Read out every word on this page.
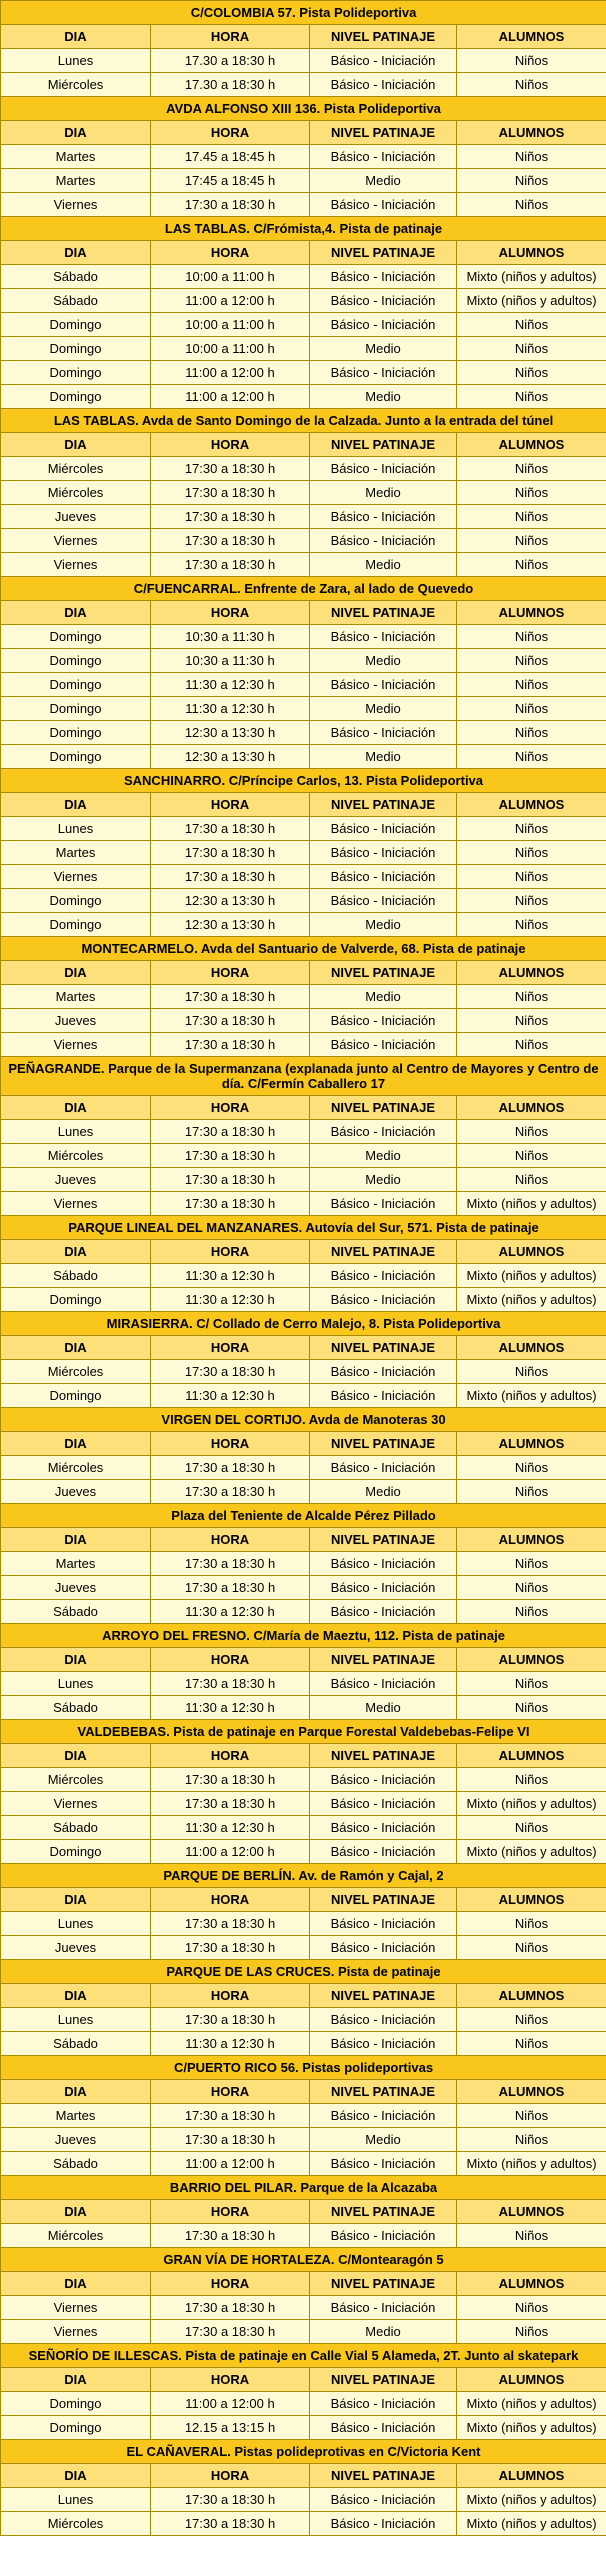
C/COLOMBIA 57. Pista Polideportiva			
DIA	HORA	NIVEL PATINAJE	ALUMNOS
Lunes	17.30 a 18:30 h	Básico - Iniciación	Niños
Miércoles	17.30 a 18:30 h	Básico - Iniciación	Niños
AVDA ALFONSO XIII 136. Pista Polideportiva			
DIA	HORA	NIVEL PATINAJE	ALUMNOS
Martes	17.45 a 18:45 h	Básico - Iniciación	Niños
Martes	17:45 a 18:45 h	Medio	Niños
Viernes	17:30 a 18:30 h	Básico - Iniciación	Niños
LAS TABLAS. C/Frómista,4. Pista de patinaje			
DIA	HORA	NIVEL PATINAJE	ALUMNOS
Sábado	10:00 a 11:00 h	Básico - Iniciación	Mixto (niños y adultos)
Sábado	11:00 a 12:00 h	Básico - Iniciación	Mixto (niños y adultos)
Domingo	10:00 a 11:00 h	Básico - Iniciación	Niños
Domingo	10:00 a 11:00 h	Medio	Niños
Domingo	11:00 a 12:00 h	Básico - Iniciación	Niños
Domingo	11:00 a 12:00 h	Medio	Niños
LAS TABLAS. Avda de Santo Domingo de la Calzada. Junto a la entrada del túnel			
DIA	HORA	NIVEL PATINAJE	ALUMNOS
Miércoles	17:30 a 18:30 h	Básico - Iniciación	Niños
Miércoles	17:30 a 18:30 h	Medio	Niños
Jueves	17:30 a 18:30 h	Básico - Iniciación	Niños
Viernes	17:30 a 18:30 h	Básico - Iniciación	Niños
Viernes	17:30 a 18:30 h	Medio	Niños
C/FUENCARRAL. Enfrente de Zara, al lado de Quevedo			
DIA	HORA	NIVEL PATINAJE	ALUMNOS
Domingo	10:30 a 11:30 h	Básico - Iniciación	Niños
Domingo	10:30 a 11:30 h	Medio	Niños
Domingo	11:30 a 12:30 h	Básico - Iniciación	Niños
Domingo	11:30 a 12:30 h	Medio	Niños
Domingo	12:30 a 13:30 h	Básico - Iniciación	Niños
Domingo	12:30 a 13:30 h	Medio	Niños
SANCHINARRO. C/Príncipe Carlos, 13. Pista Polideportiva			
DIA	HORA	NIVEL PATINAJE	ALUMNOS
Lunes	17:30 a 18:30 h	Básico - Iniciación	Niños
Martes	17:30 a 18:30 h	Básico - Iniciación	Niños
Viernes	17:30 a 18:30 h	Básico - Iniciación	Niños
Domingo	12:30 a 13:30 h	Básico - Iniciación	Niños
Domingo	12:30 a 13:30 h	Medio	Niños
MONTECARMELO. Avda del Santuario de Valverde, 68. Pista de patinaje			
DIA	HORA	NIVEL PATINAJE	ALUMNOS
Martes	17:30 a 18:30 h	Medio	Niños
Jueves	17:30 a 18:30 h	Básico - Iniciación	Niños
Viernes	17:30 a 18:30 h	Básico - Iniciación	Niños
PEÑAGRANDE. Parque de la Supermanzana (explanada junto al Centro de Mayores y Centro de día. C/Fermín Caballero 17			
DIA	HORA	NIVEL PATINAJE	ALUMNOS
Lunes	17:30 a 18:30 h	Básico - Iniciación	Niños
Miércoles	17:30 a 18:30 h	Medio	Niños
Jueves	17:30 a 18:30 h	Medio	Niños
Viernes	17:30 a 18:30 h	Básico - Iniciación	Mixto (niños y adultos)
PARQUE LINEAL DEL MANZANARES. Autovía del Sur, 571. Pista de patinaje			
DIA	HORA	NIVEL PATINAJE	ALUMNOS
Sábado	11:30 a 12:30 h	Básico - Iniciación	Mixto (niños y adultos)
Domingo	11:30 a 12:30 h	Básico - Iniciación	Mixto (niños y adultos)
MIRASIERRA. C/ Collado de Cerro Malejo, 8. Pista Polideportiva			
DIA	HORA	NIVEL PATINAJE	ALUMNOS
Miércoles	17:30 a 18:30 h	Básico - Iniciación	Niños
Domingo	11:30 a 12:30 h	Básico - Iniciación	Mixto (niños y adultos)
VIRGEN DEL CORTIJO. Avda de Manoteras 30			
DIA	HORA	NIVEL PATINAJE	ALUMNOS
Miércoles	17:30 a 18:30 h	Básico - Iniciación	Niños
Jueves	17:30 a 18:30 h	Medio	Niños
Plaza del Teniente de Alcalde Pérez Pillado			
DIA	HORA	NIVEL PATINAJE	ALUMNOS
Martes	17:30 a 18:30 h	Básico - Iniciación	Niños
Jueves	17:30 a 18:30 h	Básico - Iniciación	Niños
Sábado	11:30 a 12:30 h	Básico - Iniciación	Niños
ARROYO DEL FRESNO. C/María de Maeztu, 112. Pista de patinaje			
DIA	HORA	NIVEL PATINAJE	ALUMNOS
Lunes	17:30 a 18:30 h	Básico - Iniciación	Niños
Sábado	11:30 a 12:30 h	Medio	Niños
VALDEBEBAS. Pista de patinaje en Parque Forestal Valdebebas-Felipe VI			
DIA	HORA	NIVEL PATINAJE	ALUMNOS
Miércoles	17:30 a 18:30 h	Básico - Iniciación	Niños
Viernes	17:30 a 18:30 h	Básico - Iniciación	Mixto (niños y adultos)
Sábado	11:30 a 12:30 h	Básico - Iniciación	Niños
Domingo	11:00 a 12:00 h	Básico - Iniciación	Mixto (niños y adultos)
PARQUE DE BERLÍN. Av. de Ramón y Cajal, 2			
DIA	HORA	NIVEL PATINAJE	ALUMNOS
Lunes	17:30 a 18:30 h	Básico - Iniciación	Niños
Jueves	17:30 a 18:30 h	Básico - Iniciación	Niños
PARQUE DE LAS CRUCES. Pista de patinaje			
DIA	HORA	NIVEL PATINAJE	ALUMNOS
Lunes	17:30 a 18:30 h	Básico - Iniciación	Niños
Sábado	11:30 a 12:30 h	Básico - Iniciación	Niños
C/PUERTO RICO 56. Pistas polideportivas			
DIA	HORA	NIVEL PATINAJE	ALUMNOS
Martes	17:30 a 18:30 h	Básico - Iniciación	Niños
Jueves	17:30 a 18:30 h	Medio	Niños
Sábado	11:00 a 12:00 h	Básico - Iniciación	Mixto (niños y adultos)
BARRIO DEL PILAR. Parque de la Alcazaba			
DIA	HORA	NIVEL PATINAJE	ALUMNOS
Miércoles	17:30 a 18:30 h	Básico - Iniciación	Niños
GRAN VÍA DE HORTALEZA. C/Montearagón 5			
DIA	HORA	NIVEL PATINAJE	ALUMNOS
Viernes	17:30 a 18:30 h	Básico - Iniciación	Niños
Viernes	17:30 a 18:30 h	Medio	Niños
SEÑORÍO DE ILLESCAS. Pista de patinaje en Calle Vial 5 Alameda, 2T. Junto al skatepark			
DIA	HORA	NIVEL PATINAJE	ALUMNOS
Domingo	11:00 a 12:00 h	Básico - Iniciación	Mixto (niños y adultos)
Domingo	12.15 a 13:15 h	Básico - Iniciación	Mixto (niños y adultos)
EL CAÑAVERAL. Pistas polideprotivas en C/Victoria Kent			
DIA	HORA	NIVEL PATINAJE	ALUMNOS
Lunes	17:30 a 18:30 h	Básico - Iniciación	Mixto (niños y adultos)
Miércoles	17:30 a 18:30 h	Básico - Iniciación	Mixto (niños y adultos)
